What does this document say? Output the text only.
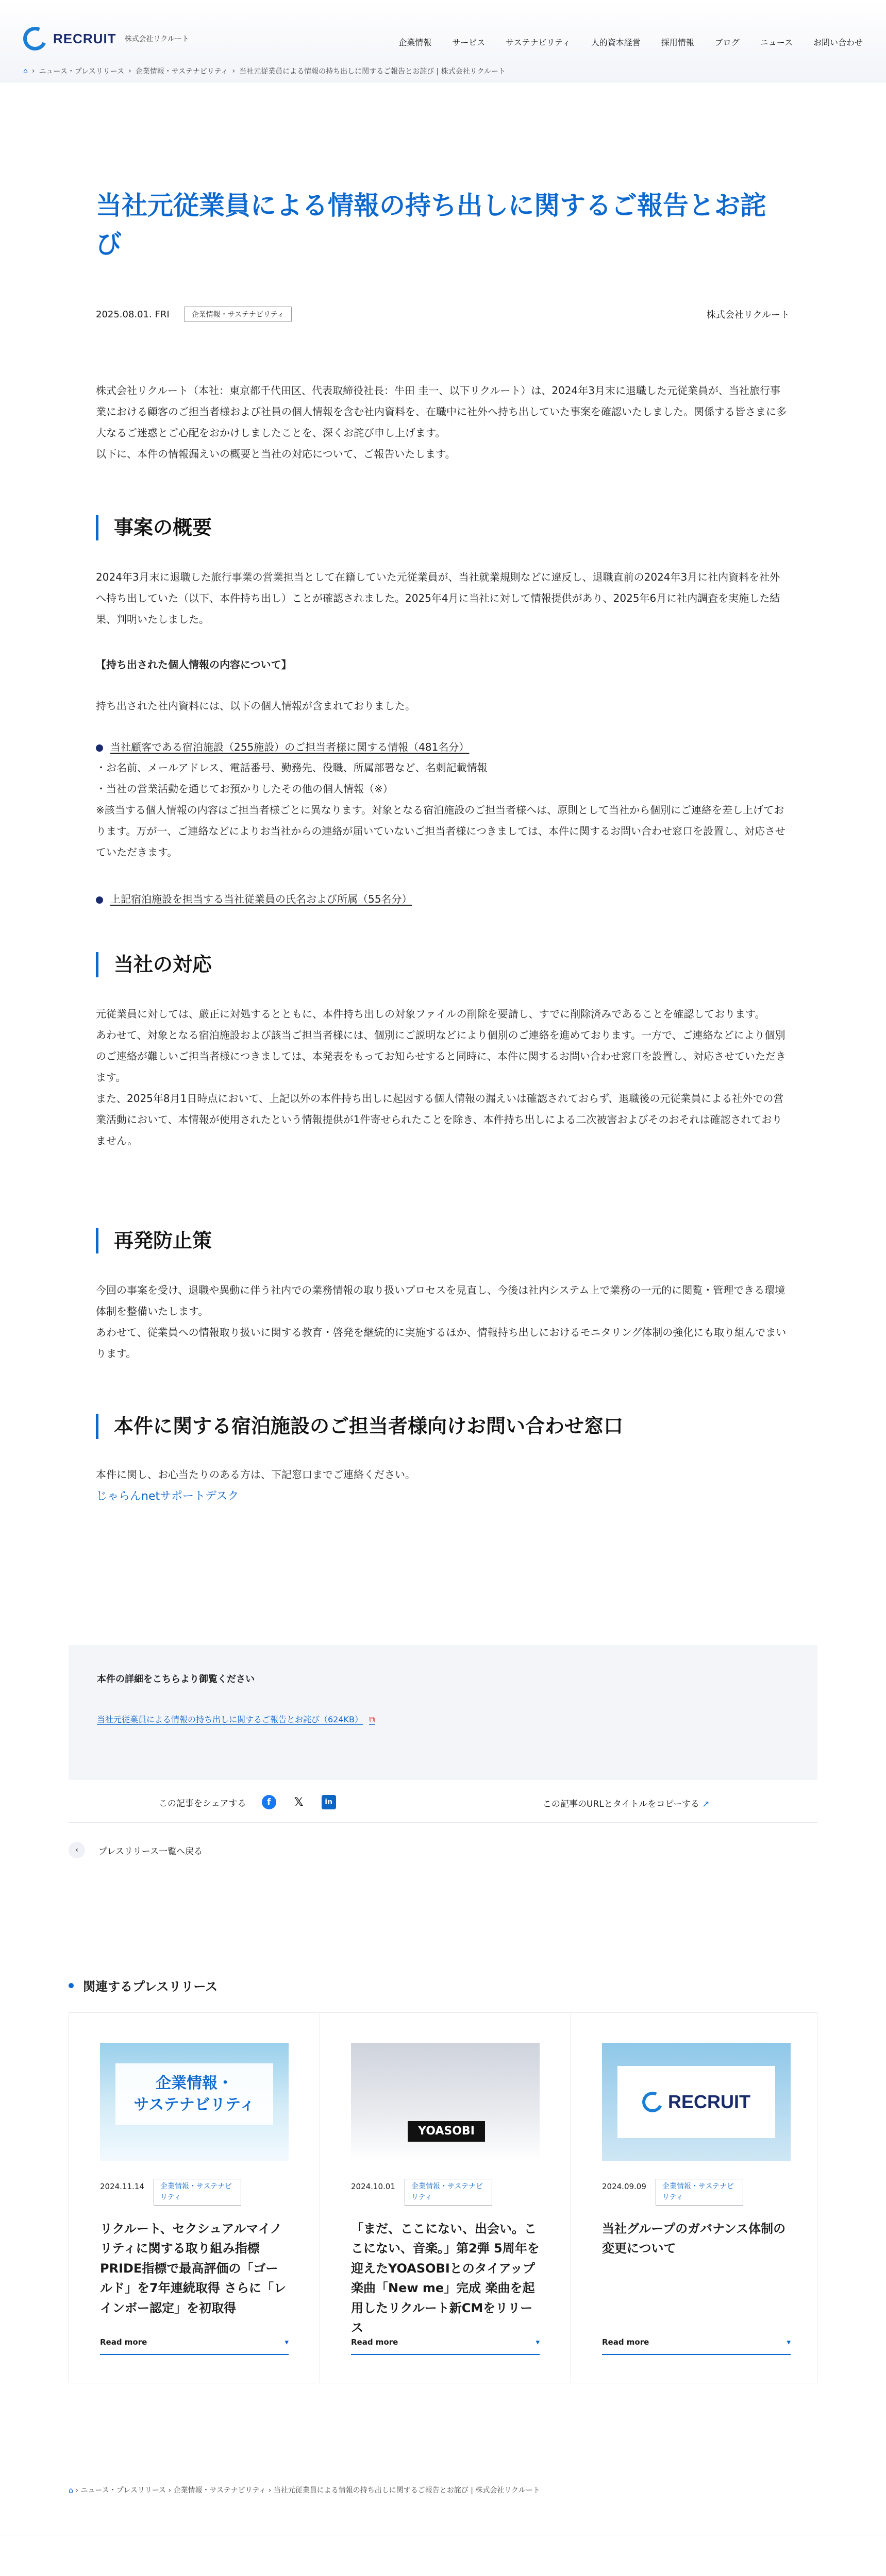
↗
RECRUIT 株式会社リクルート	企業情報	サービス	サステナビリティ	人的資本経営	採用情報	ブログ	ニュース	お問い合わせ
⌂ › ニュース・プレスリリース › 企業情報・サステナビリティ › 当社元従業員による情報の持ち出しに関するご報告とお詫び | 株式会社リクルート
当社元従業員による情報の持ち出しに関するご報告とお詫び
2025.08.01. FRI	企業情報・サステナビリティ	株式会社リクルート

株式会社リクルート（本社：東京都千代田区、代表取締役社長：牛田 圭一、以下リクルート）は、2024年3月末に退職した元従業員が、当社旅行事業における顧客のご担当者様および社員の個人情報を含む社内資料を、在職中に社外へ持ち出していた事案を確認いたしました。関係する皆さまに多大なるご迷惑とご心配をおかけしましたことを、深くお詫び申し上げます。
以下に、本件の情報漏えいの概要と当社の対応について、ご報告いたします。

事案の概要

2024年3月末に退職した旅行事業の営業担当として在籍していた元従業員が、当社就業規則などに違反し、退職直前の2024年3月に社内資料を社外へ持ち出していた（以下、本件持ち出し）ことが確認されました。2025年4月に当社に対して情報提供があり、2025年6月に社内調査を実施した結果、判明いたしました。

【持ち出された個人情報の内容について】

持ち出された社内資料には、以下の個人情報が含まれておりました。

当社顧客である宿泊施設（255施設）のご担当者様に関する情報（481名分）

・お名前、メールアドレス、電話番号、勤務先、役職、所属部署など、名刺記載情報
・当社の営業活動を通じてお預かりしたその他の個人情報（※）
※該当する個人情報の内容はご担当者様ごとに異なります。対象となる宿泊施設のご担当者様へは、原則として当社から個別にご連絡を差し上げております。万が一、ご連絡などによりお当社からの連絡が届いていないご担当者様につきましては、本件に関するお問い合わせ窓口を設置し、対応させていただきます。

上記宿泊施設を担当する当社従業員の氏名および所属（55名分）

当社の対応

元従業員に対しては、厳正に対処するとともに、本件持ち出しの対象ファイルの削除を要請し、すでに削除済みであることを確認しております。
あわせて、対象となる宿泊施設および該当ご担当者様には、個別にご説明などにより個別のご連絡を進めております。一方で、ご連絡などにより個別のご連絡が難しいご担当者様につきましては、本発表をもってお知らせすると同時に、本件に関するお問い合わせ窓口を設置し、対応させていただきます。
また、2025年8月1日時点において、上記以外の本件持ち出しに起因する個人情報の漏えいは確認されておらず、退職後の元従業員による社外での営業活動において、本情報が使用されたという情報提供が1件寄せられたことを除き、本件持ち出しによる二次被害およびそのおそれは確認されておりません。

再発防止策

今回の事案を受け、退職や異動に伴う社内での業務情報の取り扱いプロセスを見直し、今後は社内システム上で業務の一元的に閲覧・管理できる環境体制を整備いたします。
あわせて、従業員への情報取り扱いに関する教育・啓発を継続的に実施するほか、情報持ち出しにおけるモニタリング体制の強化にも取り組んでまいります。

本件に関する宿泊施設のご担当者様向けお問い合わせ窓口

本件に関し、お心当たりのある方は、下記窓口までご連絡ください。

じゃらんnetサポートデスク

本件の詳細をこちらより御覧ください
当社元従業員による情報の持ち出しに関するご報告とお詫び（624KB） ⧉
この記事をシェアする	f	𝕏	in	この記事のURLとタイトルをコピーする ↗
‹	プレスリリース一覧へ戻る
関連するプレスリリース
企業情報・
サステナビリティ
2024.11.14	企業情報・サステナビリティ
リクルート、セクシュアルマイノリティに関する取り組み指標PRIDE指標で最高評価の「ゴールド」を7年連続取得 さらに「レインボー認定」を初取得
Read more	▾
YOASOBI
2024.10.01	企業情報・サステナビリティ
「まだ、ここにない、出会い。ここにない、音楽。」第2弾 5周年を迎えたYOASOBIとのタイアップ楽曲「New me」完成 楽曲を起用したリクルート新CMをリリース
Read more	▾
RECRUIT
2024.09.09	企業情報・サステナビリティ
当社グループのガバナンス体制の変更について
Read more	▾
⌂ › ニュース・プレスリリース › 企業情報・サステナビリティ › 当社元従業員による情報の持ち出しに関するご報告とお詫び | 株式会社リクルート
